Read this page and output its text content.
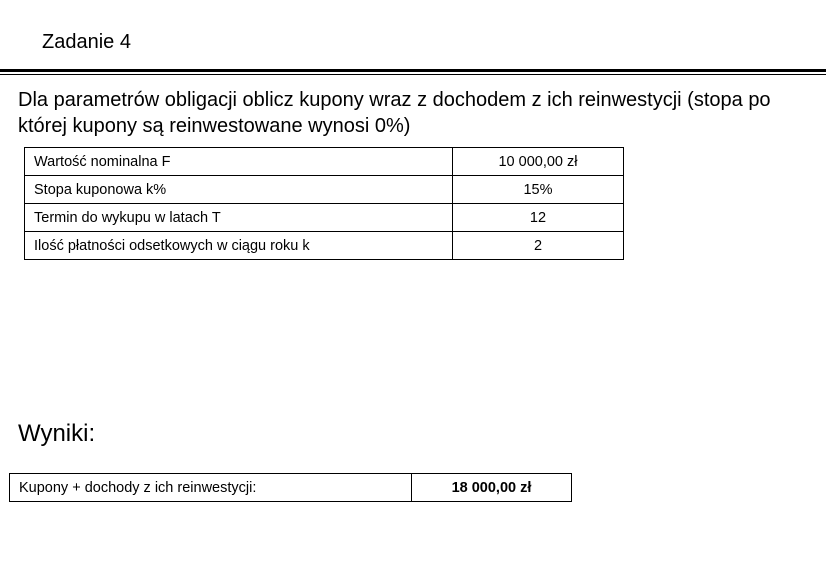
Zadanie 4
Dla parametrów obligacji oblicz kupony wraz z dochodem z ich reinwestycji (stopa po której kupony są reinwestowane wynosi 0%)
Wartość nominalna F	10 000,00 zł
Stopa kuponowa k%	15%
Termin do wykupu w latach T	12
Ilość płatności odsetkowych w ciągu roku k	2
Wyniki:
Kupony + dochody z ich reinwestycji:	18 000,00 zł
